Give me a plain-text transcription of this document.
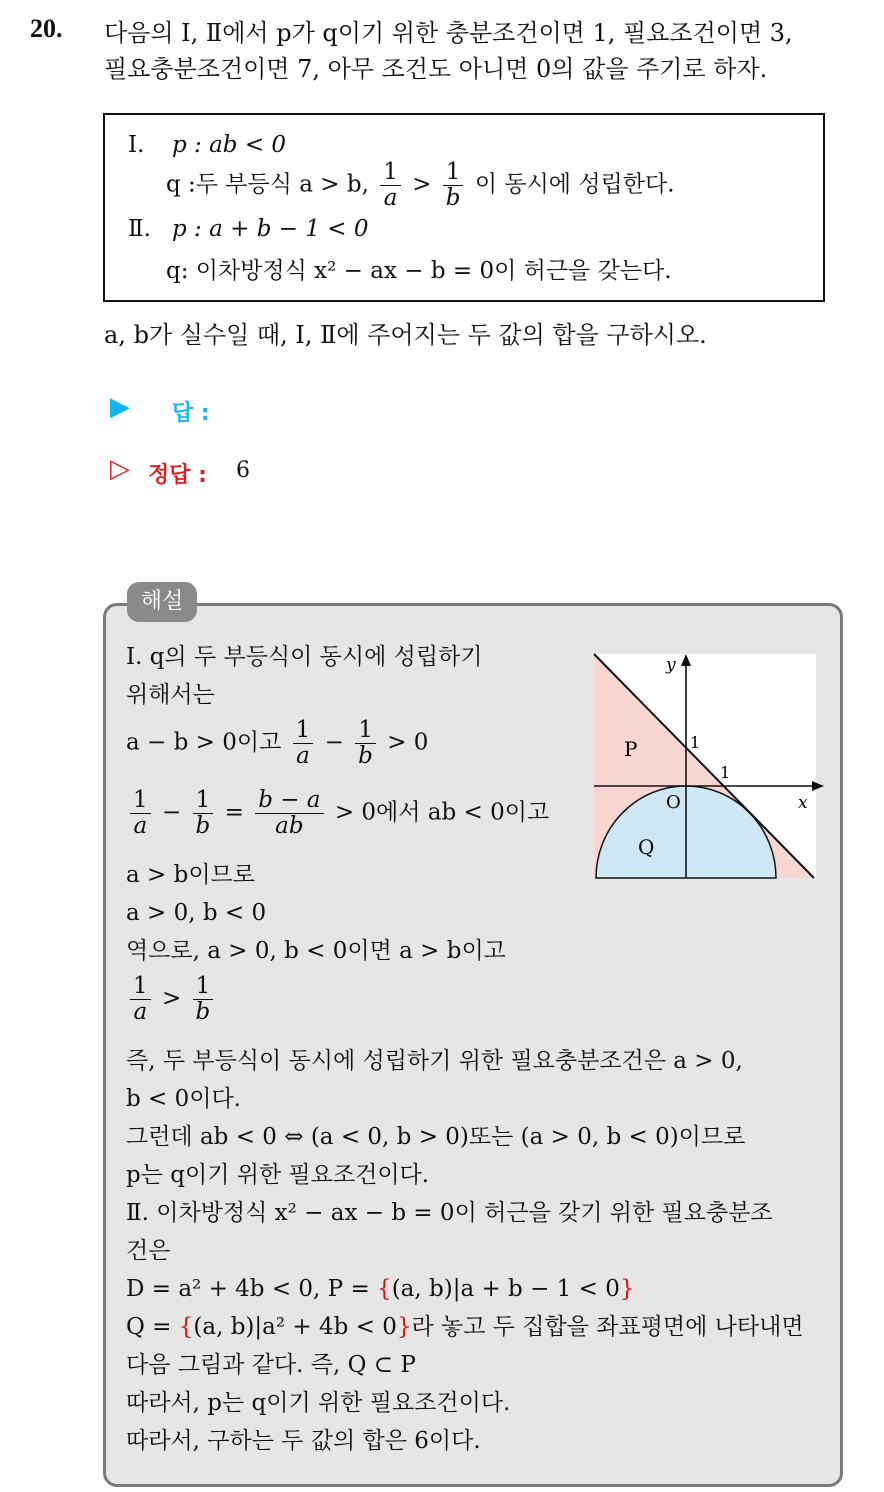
20. 다음의 Ⅰ, Ⅱ에서 p가 q이기 위한 충분조건이면 1, 필요조건이면 3,
필요충분조건이면 7, 아무 조건도 아니면 0의 값을 주기로 하자.
Ⅰ. p : ab < 0
q :두 부등식 a > b, $\frac{1}{a} > \frac{1}{b}$ 이 동시에 성립한다.
Ⅱ. p : a + b − 1 < 0
q: 이차방정식 x² − ax − b = 0이 허근을 갖는다.
a, b가 실수일 때, Ⅰ, Ⅱ에 주어지는 두 값의 합을 구하시오.
▶ 답 :
▷ 정답 : 6
해설
Ⅰ. q의 두 부등식이 동시에 성립하기
위해서는
a − b > 0이고 $\frac{1}{a} - \frac{1}{b} > 0$
$\frac{1}{a} - \frac{1}{b} = \frac{b - a}{ab} > 0$에서 ab < 0이고
a > b이므로
a > 0, b < 0
역으로, a > 0, b < 0이면 a > b이고
$\frac{1}{a} > \frac{1}{b}$
즉, 두 부등식이 동시에 성립하기 위한 필요충분조건은 a > 0,
b < 0이다.
그런데 ab < 0 ⇔ (a < 0, b > 0)또는 (a > 0, b < 0)이므로
p는 q이기 위한 필요조건이다.
Ⅱ. 이차방정식 x² − ax − b = 0이 허근을 갖기 위한 필요충분조
건은
D = a² + 4b < 0, P = {(a, b)|a + b − 1 < 0}
Q = {(a, b)|a² + 4b < 0}라 놓고 두 집합을 좌표평면에 나타내면
다음 그림과 같다. 즉, Q ⊂ P
따라서, p는 q이기 위한 필요조건이다.
따라서, 구하는 두 값의 합은 6이다.
P
Q
O	x
y
1
1
